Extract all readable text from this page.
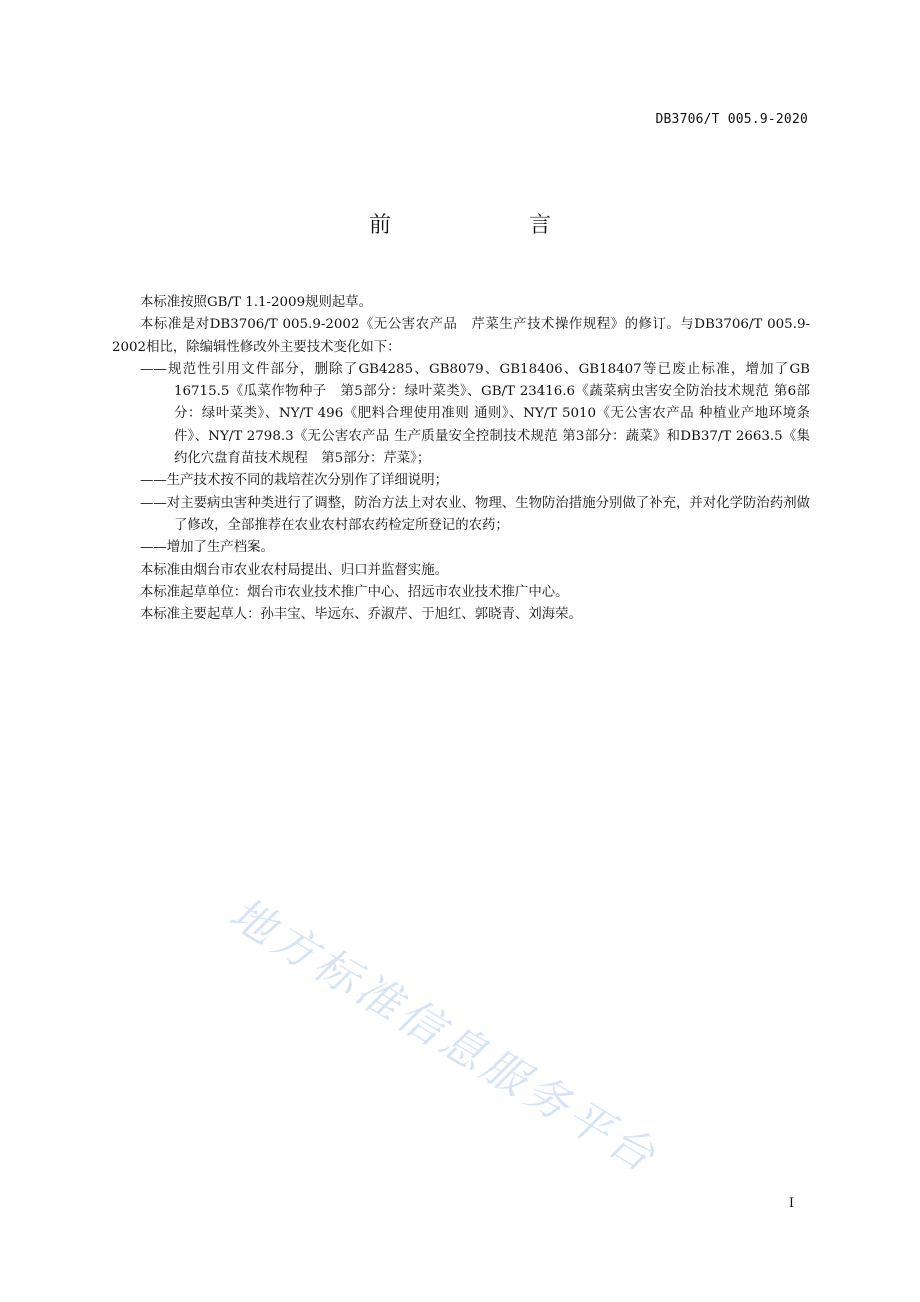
DB3706/T 005.9-2020
前　言

本标准按照GB/T 1.1-2009规则起草。

本标准是对DB3706/T 005.9-2002《无公害农产品　芹菜生产技术操作规程》的修订。与DB3706/T 005.9-2002相比，除编辑性修改外主要技术变化如下：

——规范性引用文件部分，删除了GB4285、GB8079、GB18406、GB18407等已废止标准，增加了GB 16715.5《瓜菜作物种子　第5部分：绿叶菜类》、GB/T 23416.6《蔬菜病虫害安全防治技术规范 第6部分：绿叶菜类》、NY/T 496《肥料合理使用准则 通则》、NY/T 5010《无公害农产品 种植业产地环境条件》、NY/T 2798.3《无公害农产品 生产质量安全控制技术规范 第3部分：蔬菜》和DB37/T 2663.5《集约化穴盘育苗技术规程　第5部分：芹菜》；

——生产技术按不同的栽培茬次分别作了详细说明；

——对主要病虫害种类进行了调整，防治方法上对农业、物理、生物防治措施分别做了补充，并对化学防治药剂做了修改，全部推荐在农业农村部农药检定所登记的农药；

——增加了生产档案。

本标准由烟台市农业农村局提出、归口并监督实施。

本标准起草单位：烟台市农业技术推广中心、招远市农业技术推广中心。

本标准主要起草人：孙丰宝、毕远东、乔淑芹、于旭红、郭晓青、刘海荣。

地方标准信息服务平台
I
